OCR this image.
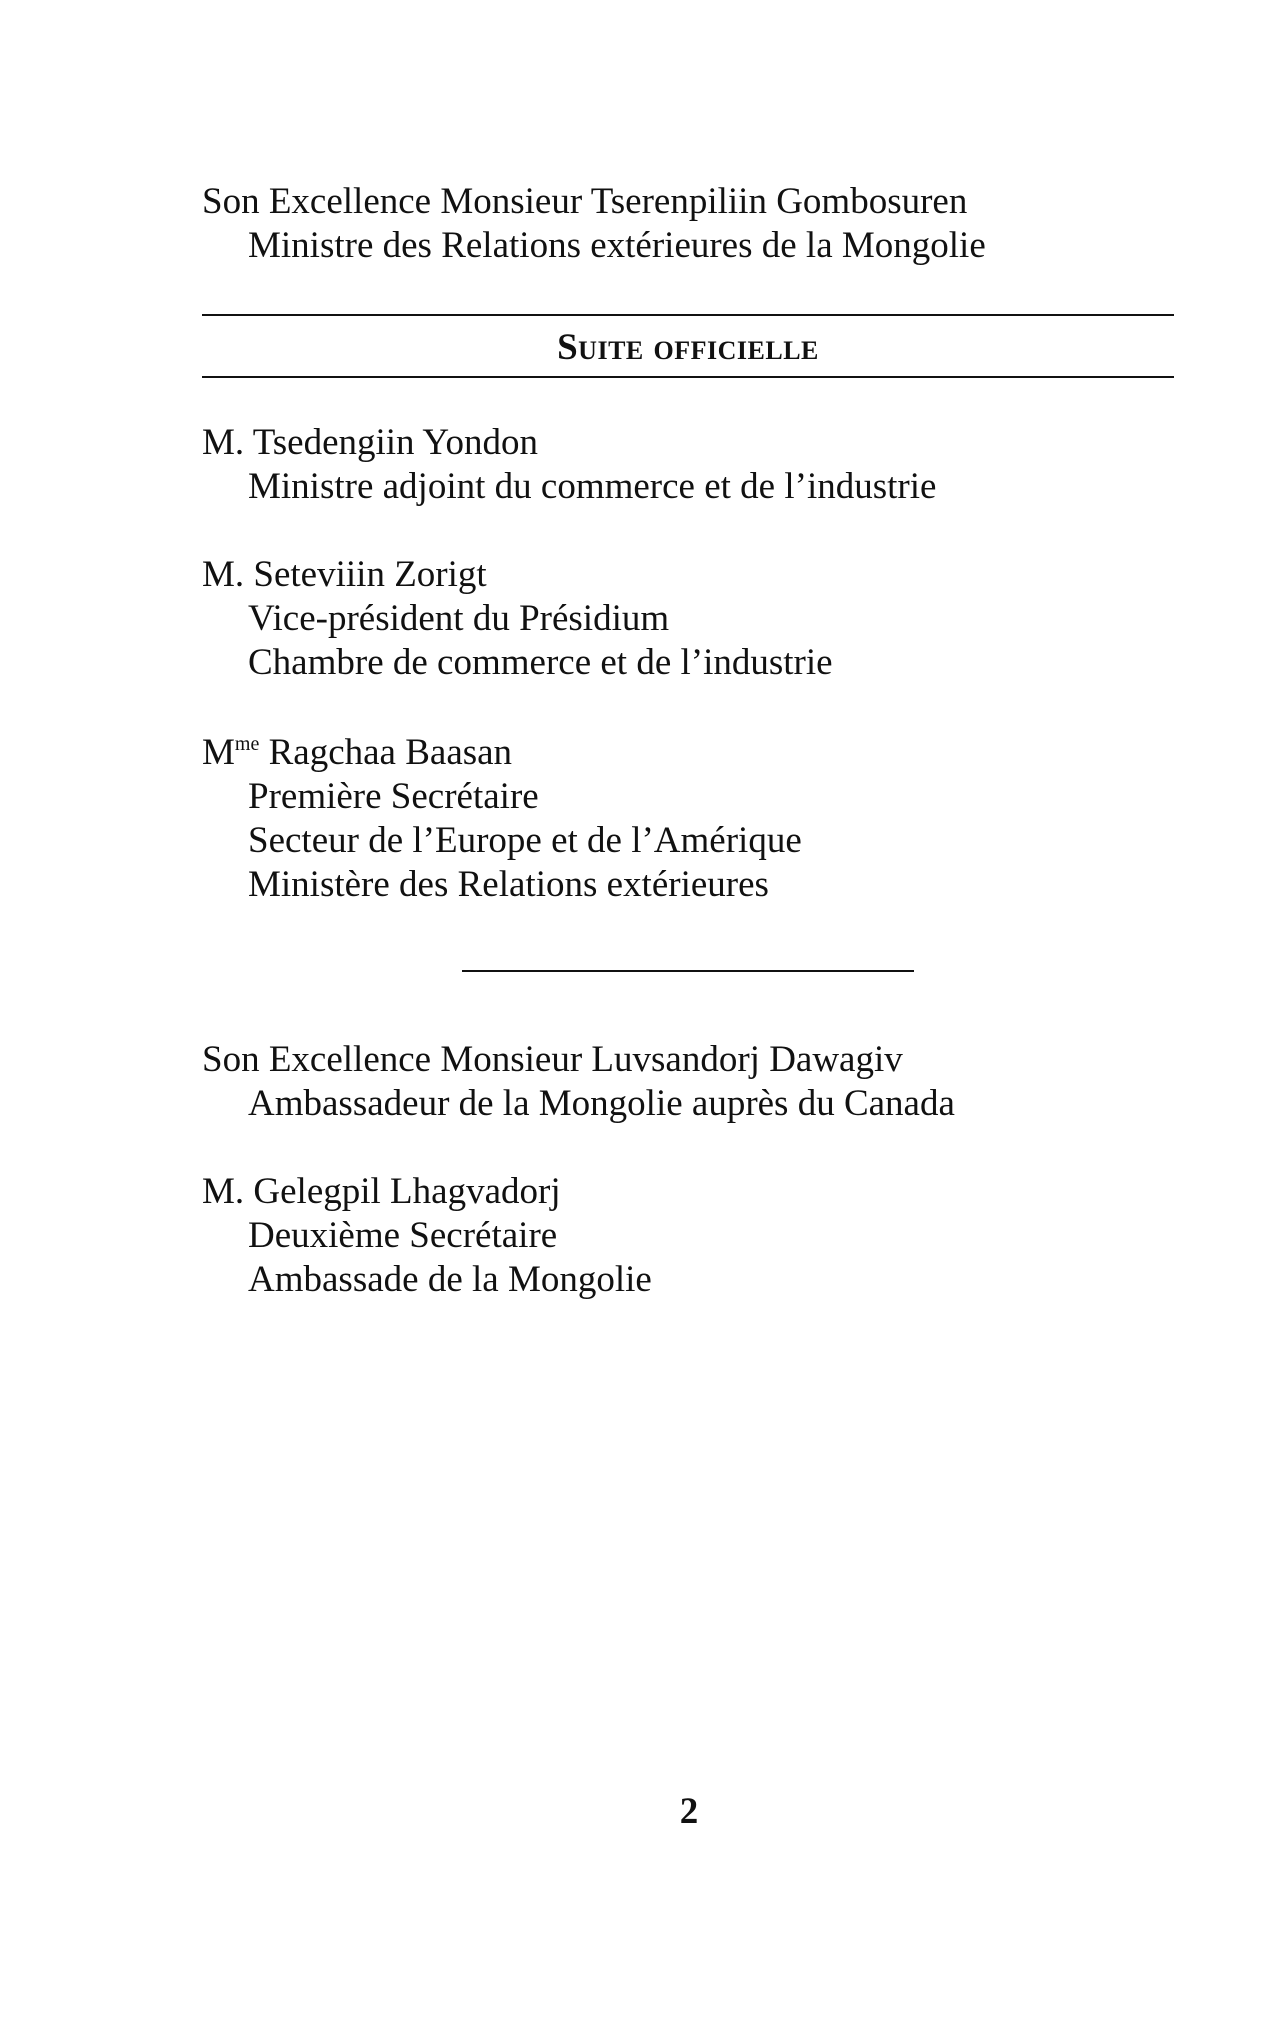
Son Excellence Monsieur Tserenpiliin Gombosuren
Ministre des Relations extérieures de la Mongolie
Suite officielle
M. Tsedengiin Yondon
Ministre adjoint du commerce et de l’industrie
M. Seteviiin Zorigt
Vice-président du Présidium
Chambre de commerce et de l’industrie
$M^{me}$ Ragchaa Baasan
Première Secrétaire
Secteur de l’Europe et de l’Amérique
Ministère des Relations extérieures
Son Excellence Monsieur Luvsandorj Dawagiv
Ambassadeur de la Mongolie auprès du Canada
M. Gelegpil Lhagvadorj
Deuxième Secrétaire
Ambassade de la Mongolie
2
